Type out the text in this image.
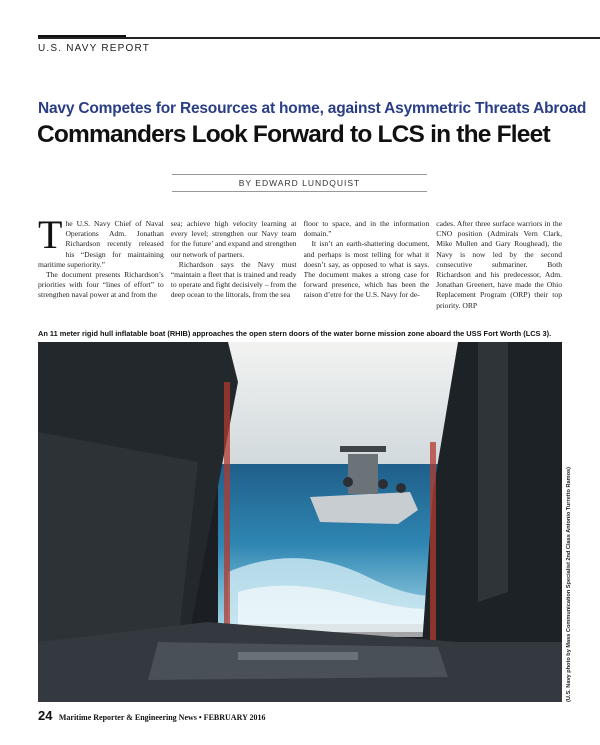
U.S. NAVY REPORT
Navy Competes for Resources at home, against Asymmetric Threats Abroad
Commanders Look Forward to LCS in the Fleet
BY EDWARD LUNDQUIST

The U.S. Navy Chief of Naval Operations Adm. Jonathan Richardson recently released his “Design for maintaining maritime superiority.”

The document presents Richardson’s priorities with four “lines of effort” to strengthen naval power at and from the

sea; achieve high velocity learning at every level; strengthen our Navy team for the future’ and expand and strengthen our network of partners.

Richardson says the Navy must “maintain a fleet that is trained and ready to operate and fight decisively – from the deep ocean to the littorals, from the sea

floor to space, and in the information domain.”

It isn’t an earth-shattering document, and perhaps is most telling for what it doesn’t say, as opposed to what is says. The document makes a strong case for forward presence, which has been the raison d’etre for the U.S. Navy for de-

cades. After three surface warriors in the CNO position (Admirals Vern Clark, Mike Mullen and Gary Roughead), the Navy is now led by the second consecutive submariner. Both Richardson and his predecessor, Adm. Jonathan Greenert, have made the Ohio Replacement Program (ORP) their top priority. ORP

An 11 meter rigid hull inflatable boat (RHIB) approaches the open stern doors of the water borne mission zone aboard the USS Fort Worth (LCS 3).
(U.S. Navy photo by Mass Communication Specialist 2nd Class Antonio Turretto Ramos)
24 Maritime Reporter & Engineering News • FEBRUARY 2016
